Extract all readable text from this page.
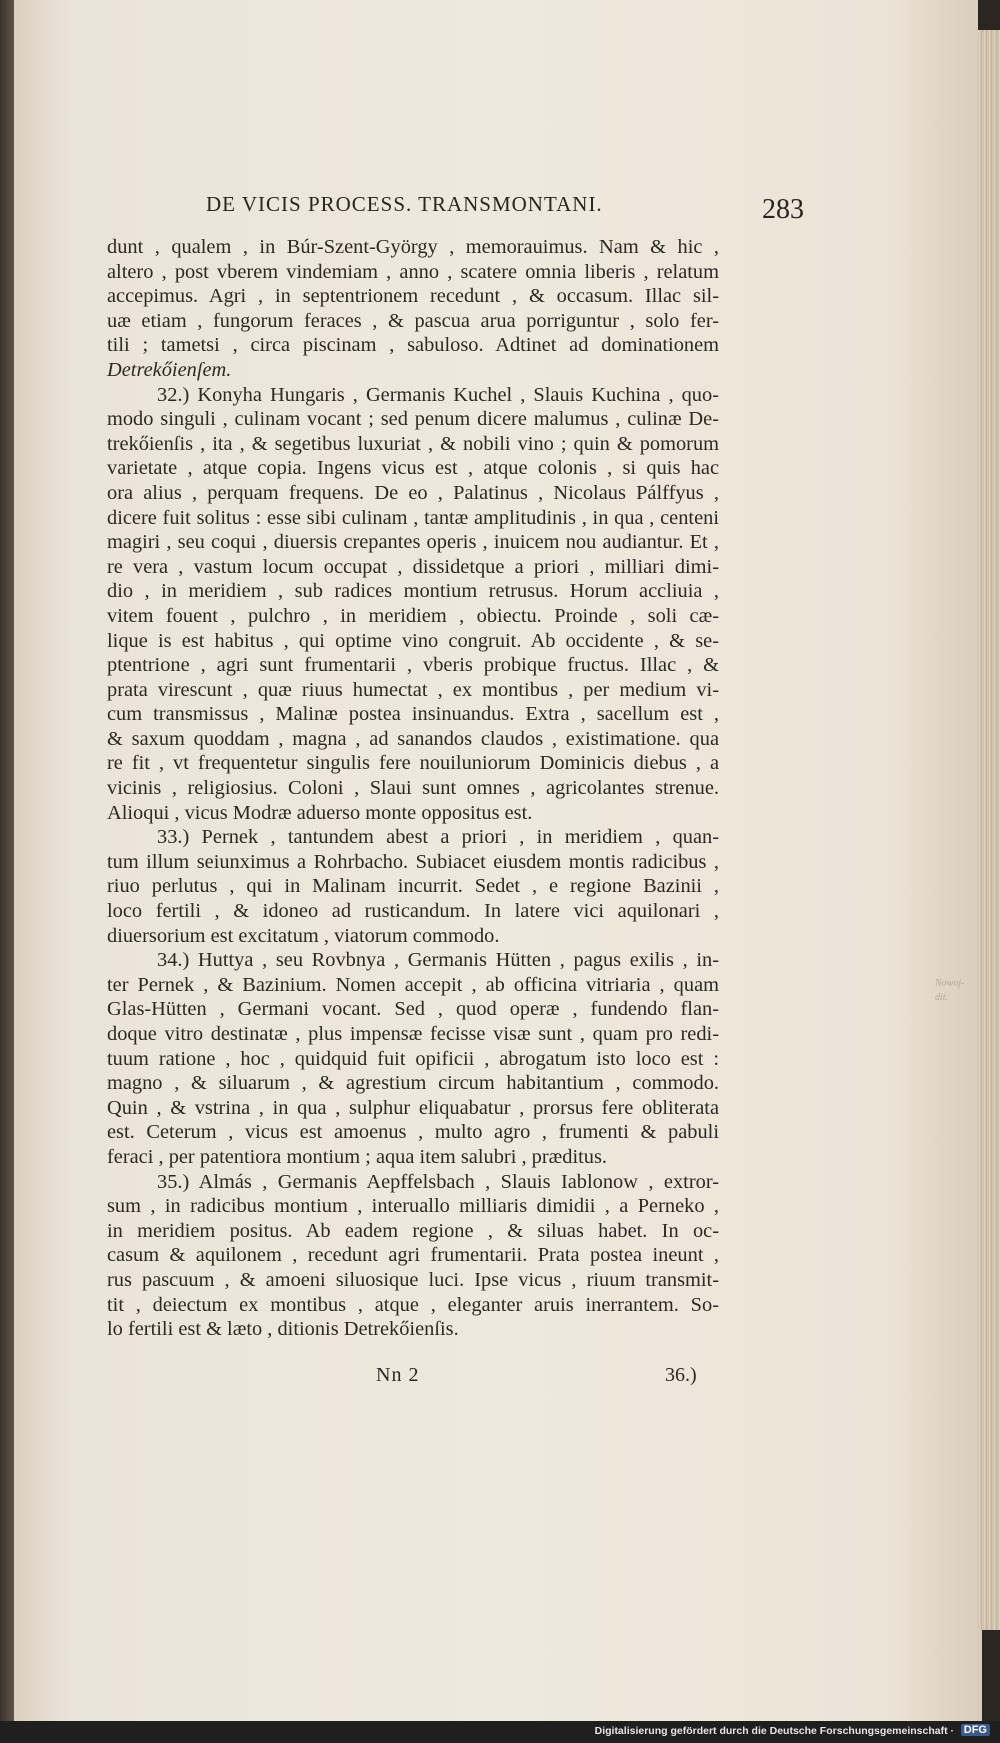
DE VICIS PROCESS. TRANSMONTANI.	283
dunt , qualem , in Búr-Szent-György , memorauimus. Nam & hic ,
altero , post vberem vindemiam , anno , scatere omnia liberis , relatum
accepimus. Agri , in septentrionem recedunt , & occasum. Illac sil-
uæ etiam , fungorum feraces , & pascua arua porriguntur , solo fer-
tili ; tametsi , circa piscinam , sabuloso. Adtinet ad dominationem
Detrekőienſem.
32.) Konyha Hungaris , Germanis Kuchel , Slauis Kuchina , quo-
modo singuli , culinam vocant ; sed penum dicere malumus , culinæ De-
trekőienſis , ita , & segetibus luxuriat , & nobili vino ; quin & pomorum
varietate , atque copia. Ingens vicus est , atque colonis , si quis hac
ora alius , perquam frequens. De eo , Palatinus , Nicolaus Pálffyus ,
dicere fuit solitus : esse sibi culinam , tantæ amplitudinis , in qua , centeni
magiri , seu coqui , diuersis crepantes operis , inuicem nou audiantur. Et ,
re vera , vastum locum occupat , dissidetque a priori , milliari dimi-
dio , in meridiem , sub radices montium retrusus. Horum accliuia ,
vitem fouent , pulchro , in meridiem , obiectu. Proinde , soli cæ-
lique is est habitus , qui optime vino congruit. Ab occidente , & se-
ptentrione , agri sunt frumentarii , vberis probique fructus. Illac , &
prata virescunt , quæ riuus humectat , ex montibus , per medium vi-
cum transmissus , Malinæ postea insinuandus. Extra , sacellum est ,
& saxum quoddam , magna , ad sanandos claudos , existimatione. qua
re fit , vt frequentetur singulis fere nouiluniorum Dominicis diebus , a
vicinis , religiosius. Coloni , Slaui sunt omnes , agricolantes strenue.
Alioqui , vicus Modræ aduerso monte oppositus est.
33.) Pernek , tantundem abest a priori , in meridiem , quan-
tum illum seiunximus a Rohrbacho. Subiacet eiusdem montis radicibus ,
riuo perlutus , qui in Malinam incurrit. Sedet , e regione Bazinii ,
loco fertili , & idoneo ad rusticandum. In latere vici aquilonari ,
diuersorium est excitatum , viatorum commodo.
34.) Huttya , seu Rovbnya , Germanis Hütten , pagus exilis , in-
ter Pernek , & Bazinium. Nomen accepit , ab officina vitriaria , quam
Glas-Hütten , Germani vocant. Sed , quod operæ , fundendo flan-
doque vitro destinatæ , plus impensæ fecisse visæ sunt , quam pro redi-
tuum ratione , hoc , quidquid fuit opificii , abrogatum isto loco est :
magno , & siluarum , & agrestium circum habitantium , commodo.
Quin , & vstrina , in qua , sulphur eliquabatur , prorsus fere obliterata
est. Ceterum , vicus est amoenus , multo agro , frumenti & pabuli
feraci , per patentiora montium ; aqua item salubri , præditus.
35.) Almás , Germanis Aepffelsbach , Slauis Iablonow , extror-
sum , in radicibus montium , interuallo milliaris dimidii , a Perneko ,
in meridiem positus. Ab eadem regione , & siluas habet. In oc-
casum & aquilonem , recedunt agri frumentarii. Prata postea ineunt ,
rus pascuum , & amoeni siluosique luci. Ipse vicus , riuum transmit-
tit , deiectum ex montibus , atque , eleganter aruis inerrantem. So-
lo fertili est & læto , ditionis Detrekőienſis.
Nn 2	36.)
Nowoj-
dit.
Digitalisierung gefördert durch die Deutsche Forschungsgemeinschaft · DFG
